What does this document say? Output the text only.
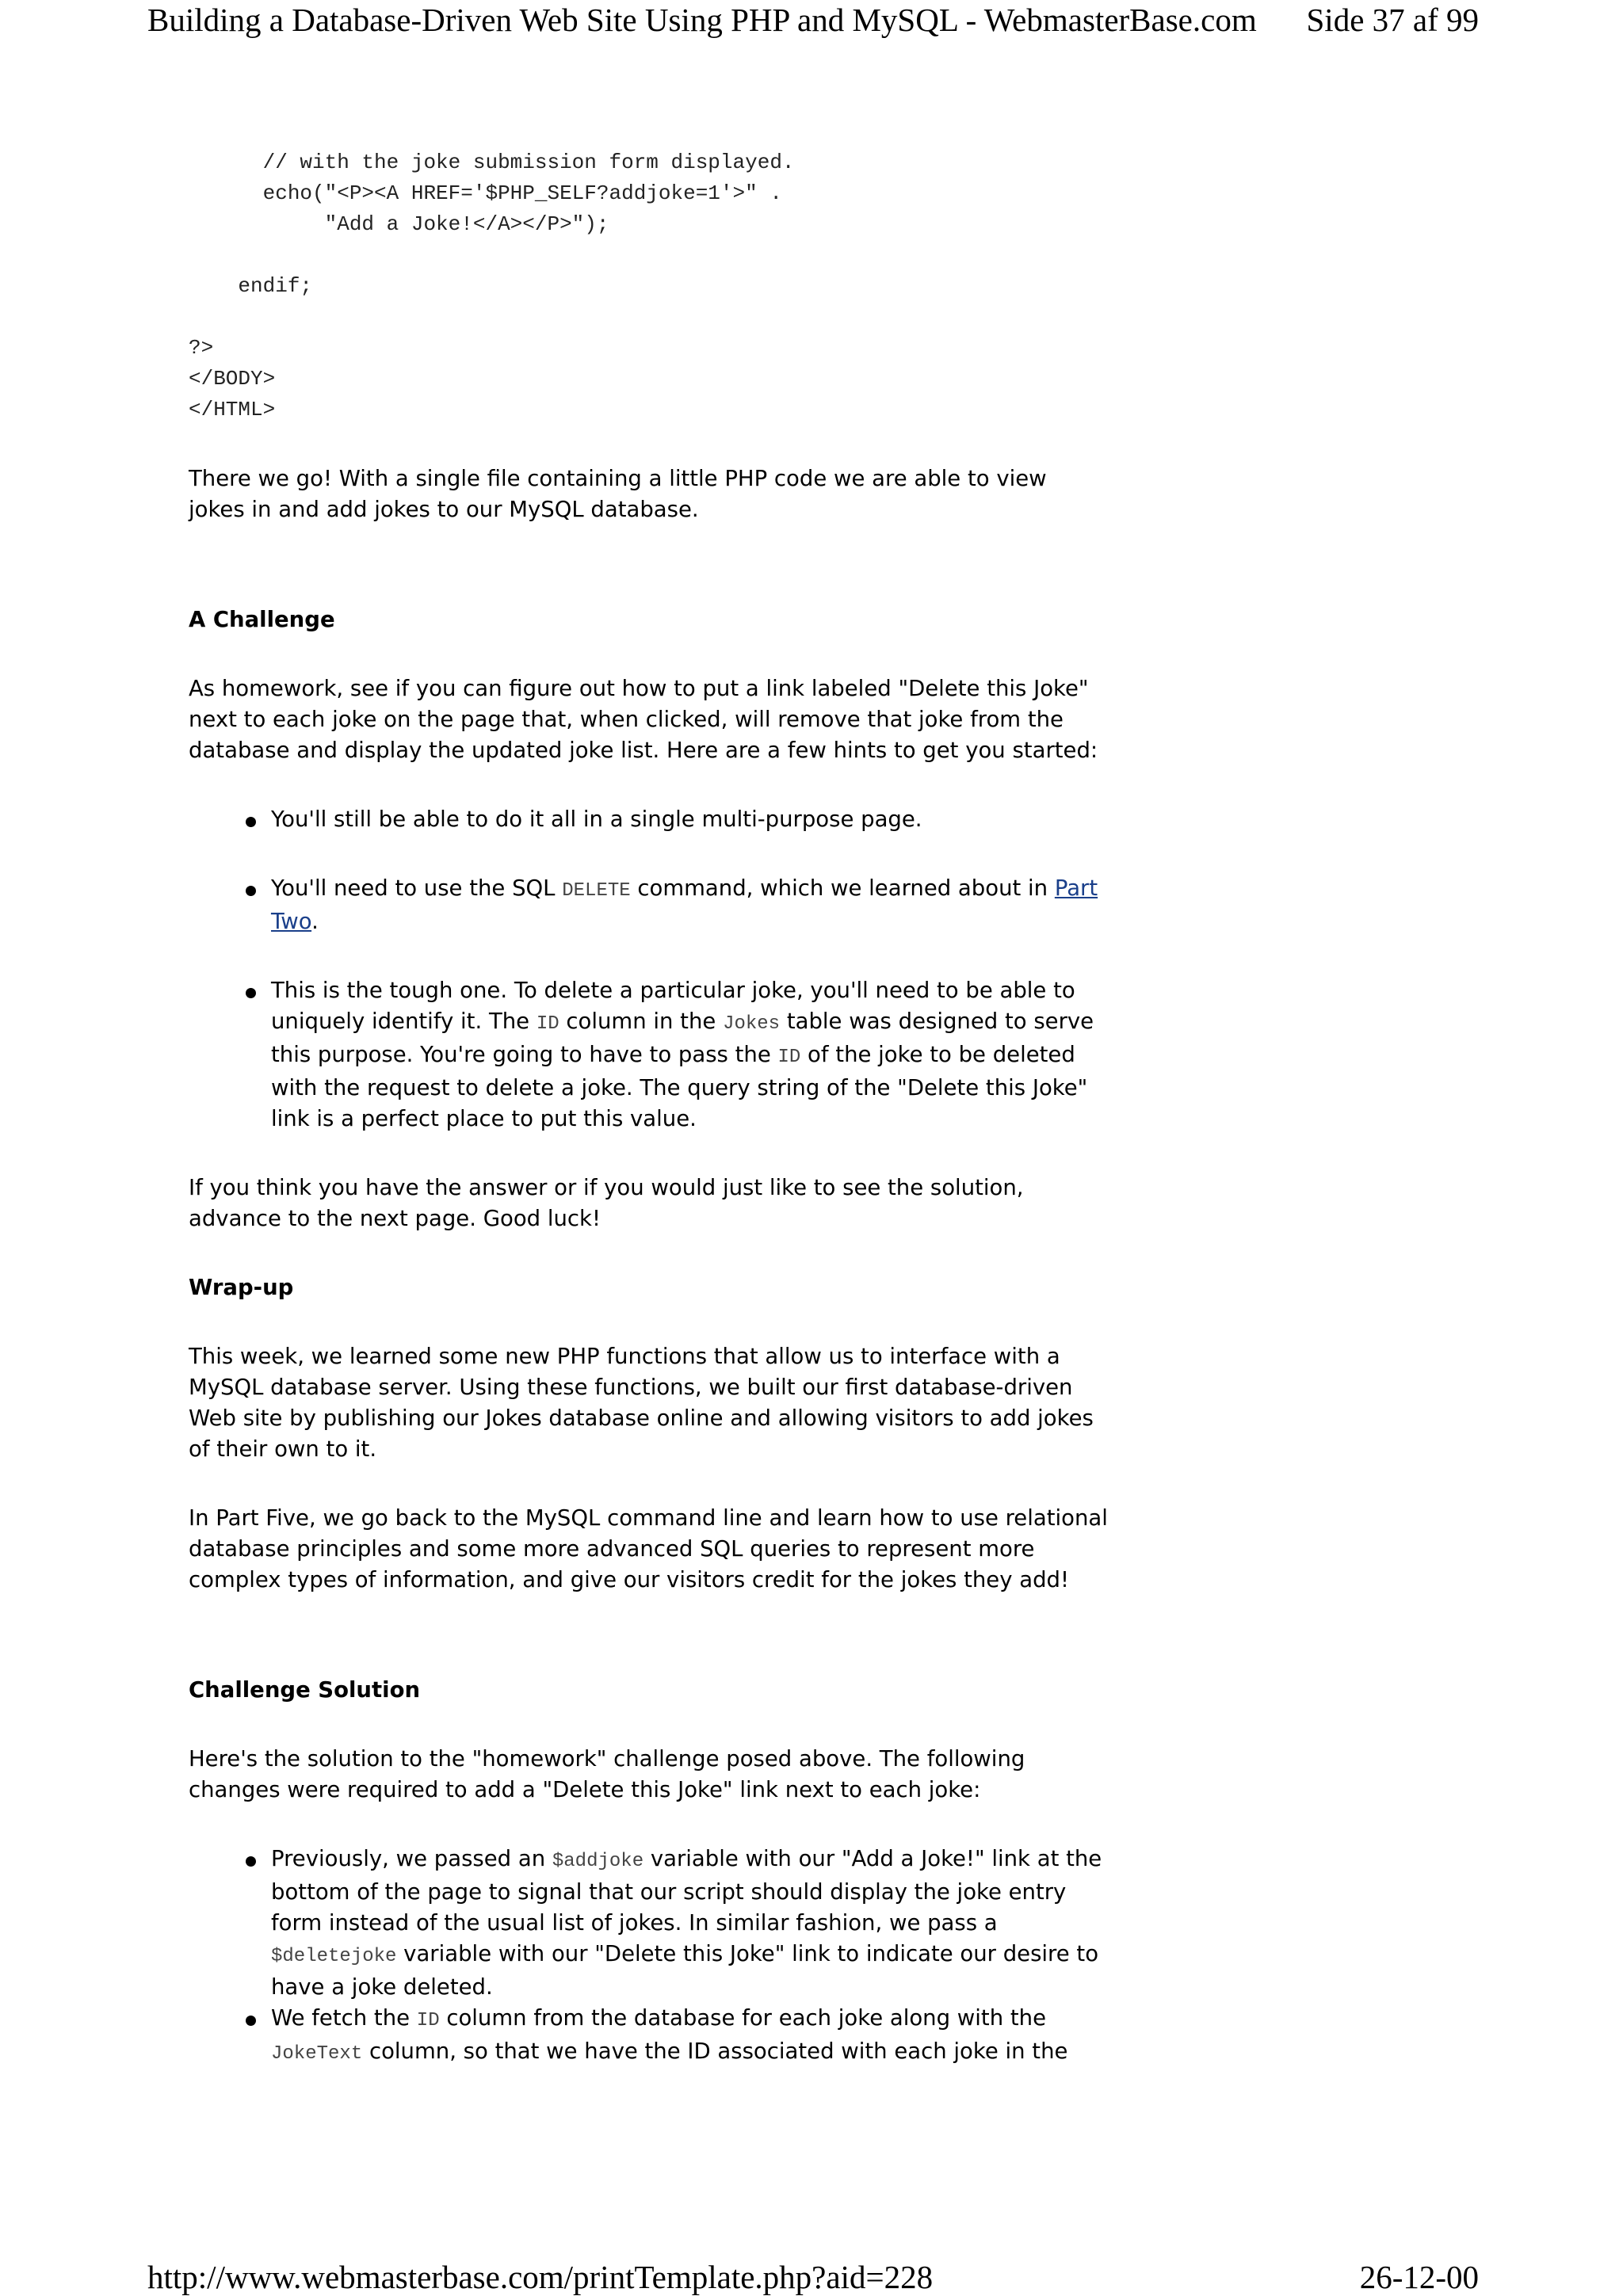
Building a Database-Driven Web Site Using PHP and MySQL - WebmasterBase.com Side 37 af 99
// with the joke submission form displayed.
echo("<P><A HREF='$PHP_SELF?addjoke=1'>" .
"Add a Joke!</A></P>");

endif;

?>
</BODY>
</HTML>

There we go! With a single file containing a little PHP code we are able to view jokes in and add jokes to our MySQL database.

A Challenge

As homework, see if you can figure out how to put a link labeled "Delete this Joke" next to each joke on the page that, when clicked, will remove that joke from the database and display the updated joke list. Here are a few hints to get you started:

You'll still be able to do it all in a single multi-purpose page.
You'll need to use the SQL DELETE command, which we learned about in Part Two.
This is the tough one. To delete a particular joke, you'll need to be able to uniquely identify it. The ID column in the Jokes table was designed to serve this purpose. You're going to have to pass the ID of the joke to be deleted with the request to delete a joke. The query string of the "Delete this Joke" link is a perfect place to put this value.

If you think you have the answer or if you would just like to see the solution, advance to the next page. Good luck!

Wrap-up

This week, we learned some new PHP functions that allow us to interface with a MySQL database server. Using these functions, we built our first database-driven Web site by publishing our Jokes database online and allowing visitors to add jokes of their own to it.

In Part Five, we go back to the MySQL command line and learn how to use relational database principles and some more advanced SQL queries to represent more complex types of information, and give our visitors credit for the jokes they add!

Challenge Solution

Here's the solution to the "homework" challenge posed above. The following changes were required to add a "Delete this Joke" link next to each joke:

Previously, we passed an $addjoke variable with our "Add a Joke!" link at the bottom of the page to signal that our script should display the joke entry form instead of the usual list of jokes. In similar fashion, we pass a $deletejoke variable with our "Delete this Joke" link to indicate our desire to have a joke deleted.
We fetch the ID column from the database for each joke along with the JokeText column, so that we have the ID associated with each joke in the
http://www.webmasterbase.com/printTemplate.php?aid=228	26-12-00
